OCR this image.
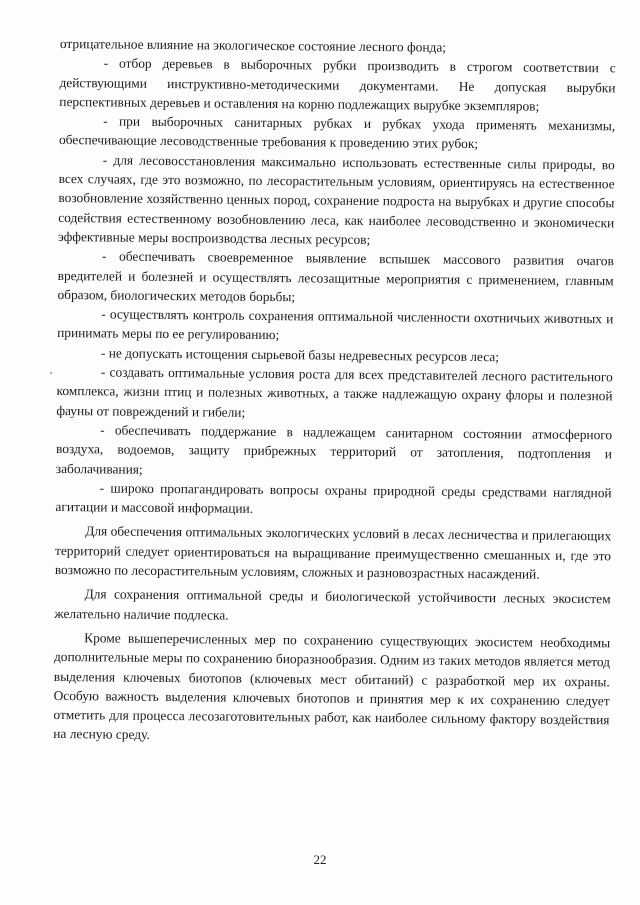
отрицательное влияние на экологическое состояние лесного фонда;

- отбор деревьев в выборочных рубки производить в строгом соответствии с действующими инструктивно-методическими документами. Не допуская вырубки перспективных деревьев и оставления на корню подлежащих вырубке экземпляров;

- при выборочных санитарных рубках и рубках ухода применять механизмы, обеспечивающие лесоводственные требования к проведению этих рубок;

- для лесовосстановления максимально использовать естественные силы природы, во всех случаях, где это возможно, по лесорастительным условиям, ориентируясь на естественное возобновление хозяйственно ценных пород, сохранение подроста на вырубках и другие способы содействия естественному возобновлению леса, как наиболее лесоводственно и экономически эффективные меры воспроизводства лесных ресурсов;

- обеспечивать своевременное выявление вспышек массового развития очагов вредителей и болезней и осуществлять лесозащитные мероприятия с применением, главным образом, биологических методов борьбы;

- осуществлять контроль сохранения оптимальной численности охотничьих животных и принимать меры по ее регулированию;

- не допускать истощения сырьевой базы недревесных ресурсов леса;

- создавать оптимальные условия роста для всех представителей лесного растительного комплекса, жизни птиц и полезных животных, а также надлежащую охрану флоры и полезной фауны от повреждений и гибели;

- обеспечивать поддержание в надлежащем санитарном состоянии атмосферного воздуха, водоемов, защиту прибрежных территорий от затопления, подтопления и заболачивания;

- широко пропагандировать вопросы охраны природной среды средствами наглядной агитации и массовой информации.

Для обеспечения оптимальных экологических условий в лесах лесничества и прилегающих территорий следует ориентироваться на выращивание преимущественно смешанных и, где это возможно по лесорастительным условиям, сложных и разновозрастных насаждений.

Для сохранения оптимальной среды и биологической устойчивости лесных экосистем желательно наличие подлеска.

Кроме вышеперечисленных мер по сохранению существующих экосистем необходимы дополнительные меры по сохранению биоразнообразия. Одним из таких методов является метод выделения ключевых биотопов (ключевых мест обитаний) с разработкой мер их охраны. Особую важность выделения ключевых биотопов и принятия мер к их сохранению следует отметить для процесса лесозаготовительных работ, как наиболее сильному фактору воздействия на лесную среду.

22
